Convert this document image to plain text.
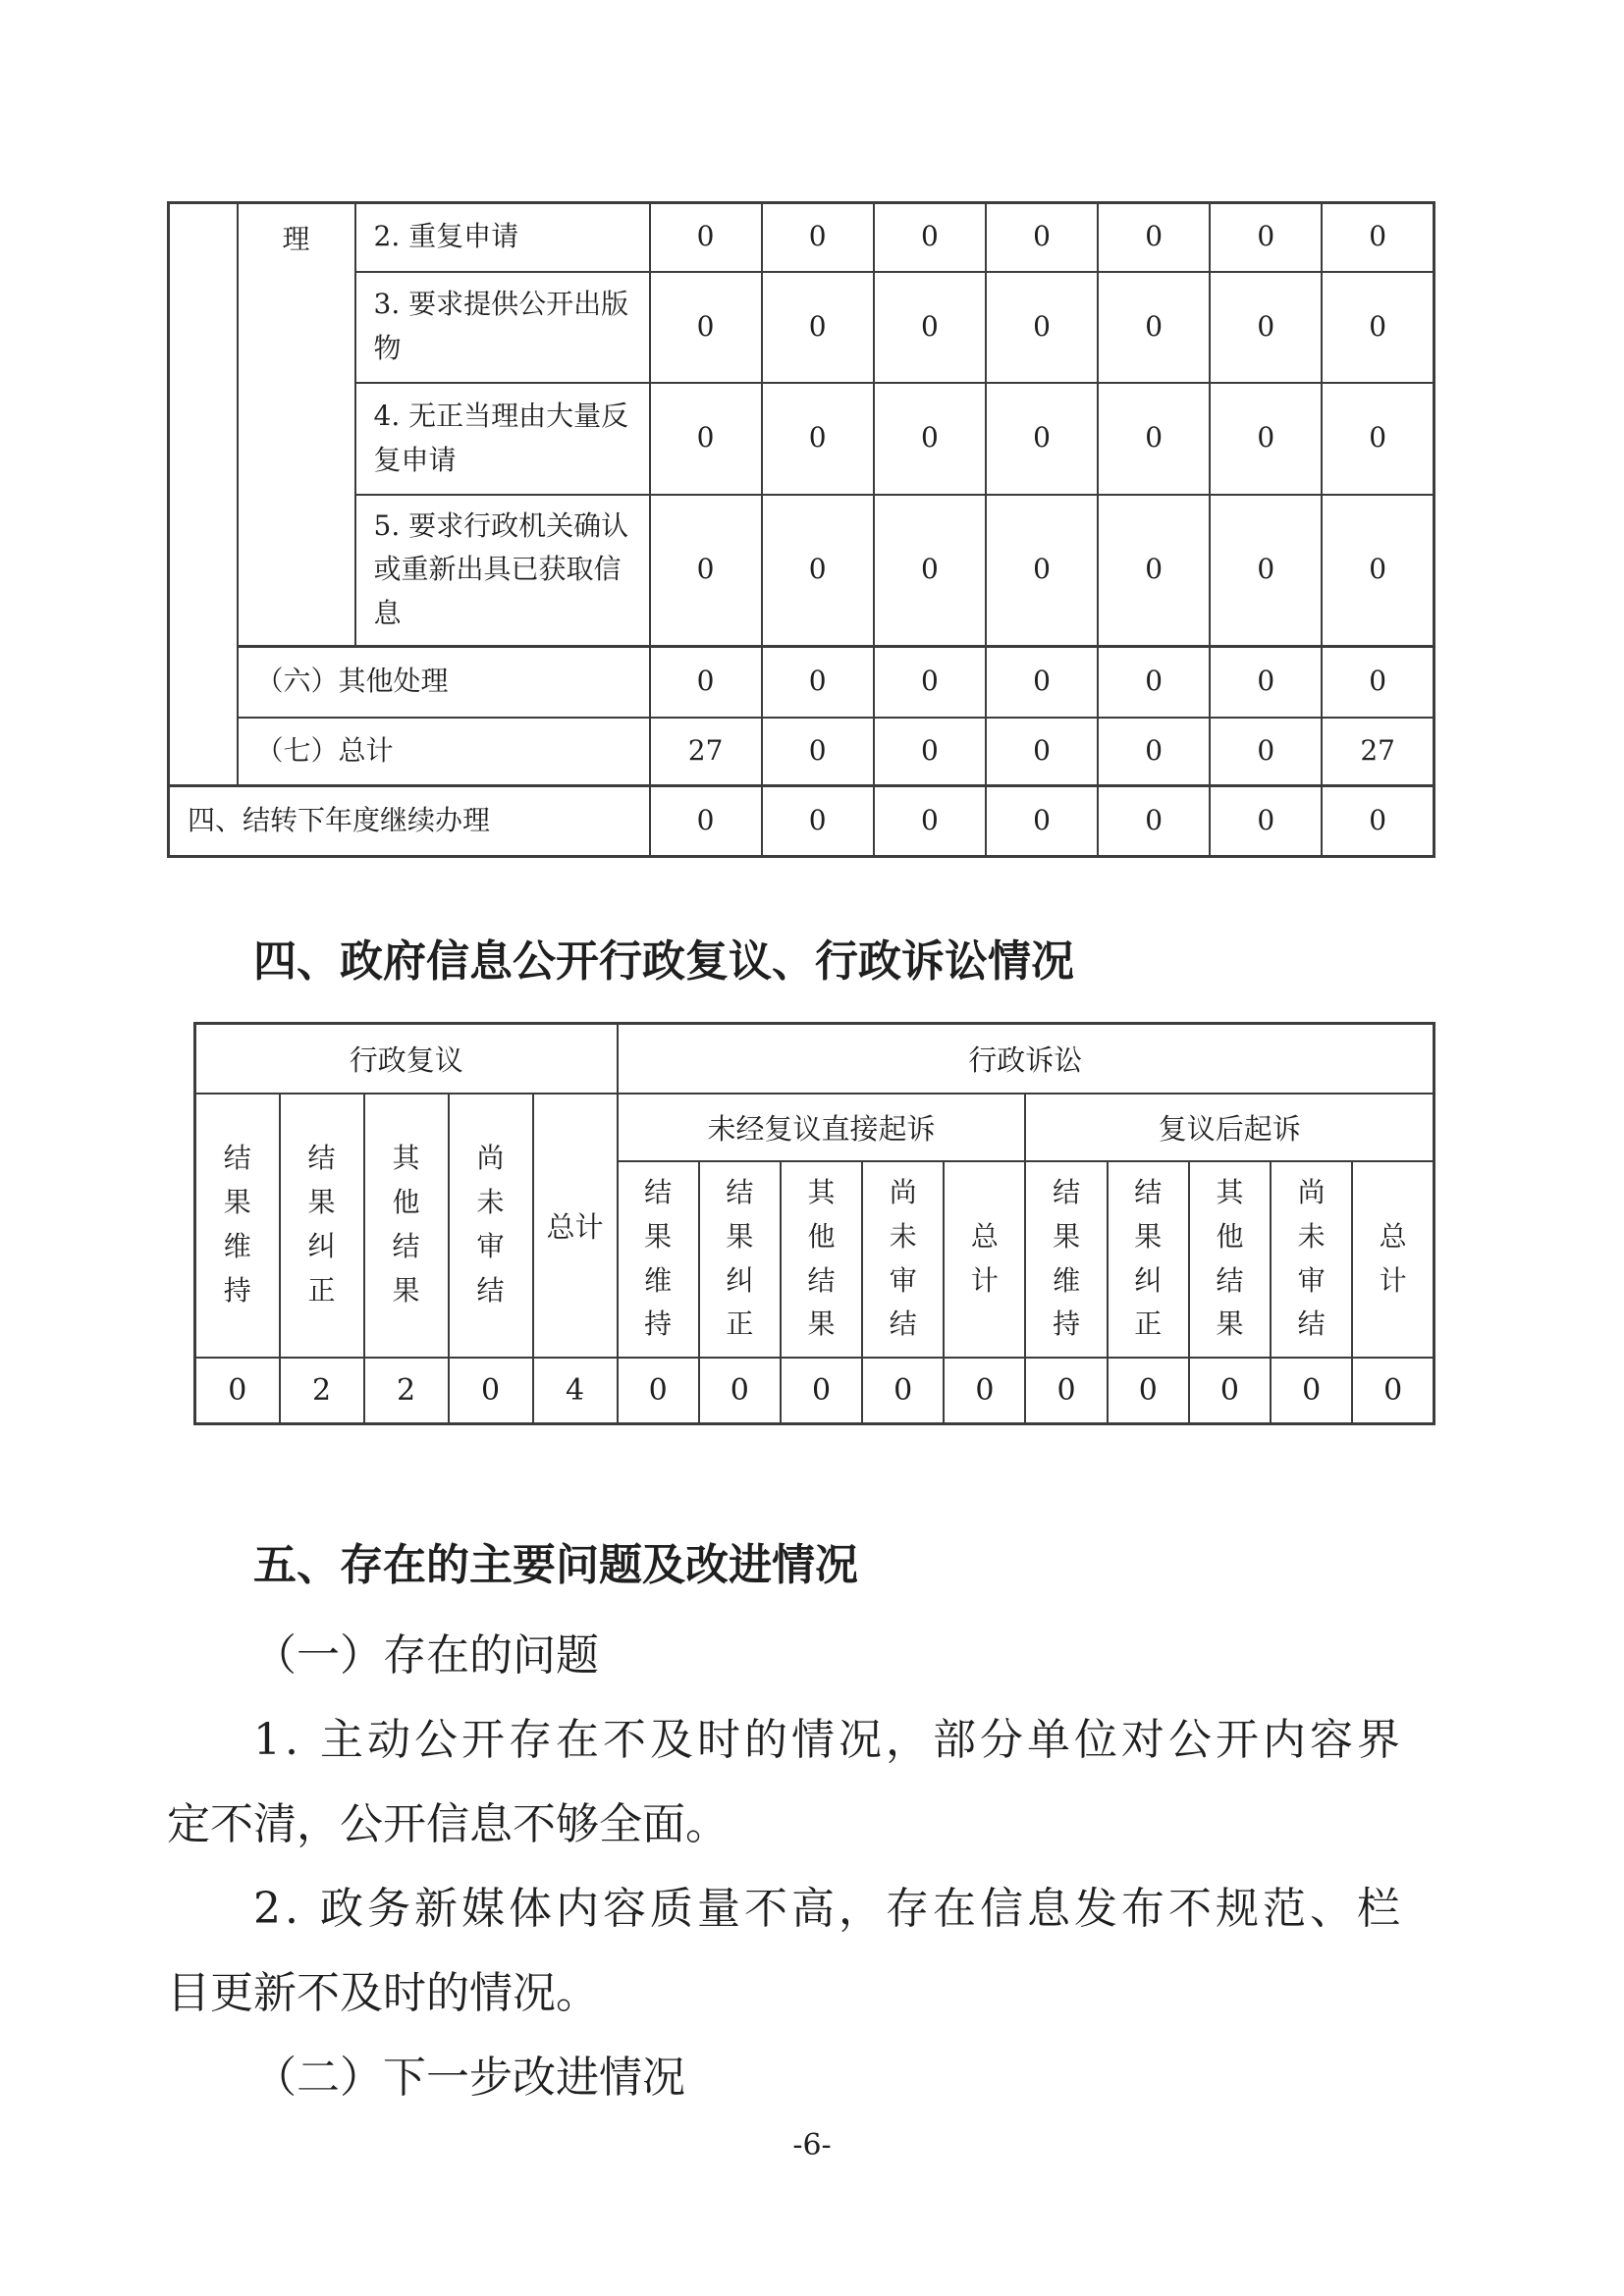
	理	2. 重复申请	0	0	0	0	0	0	0
		3. 要求提供公开出版物	0	0	0	0	0	0	0
		4. 无正当理由大量反复申请	0	0	0	0	0	0	0
		5. 要求行政机关确认或重新出具已获取信息	0	0	0	0	0	0	0
	（六）其他处理		0	0	0	0	0	0	0
	（七）总计		27	0	0	0	0	0	27
四、结转下年度继续办理			0	0	0	0	0	0	0
四、政府信息公开行政复议、行政诉讼情况
行政复议					行政诉讼									
结果维持	结果纠正	其他结果	尚未审结	总计	未经复议直接起诉					复议后起诉				
					结果维持	结果纠正	其他结果	尚未审结	总计	结果维持	结果纠正	其他结果	尚未审结	总计
0	2	2	0	4	0	0	0	0	0	0	0	0	0	0
五、存在的主要问题及改进情况
（一）存在的问题
1. 主动公开存在不及时的情况，部分单位对公开内容界
定不清，公开信息不够全面。
2. 政务新媒体内容质量不高，存在信息发布不规范、栏
目更新不及时的情况。
（二）下一步改进情况
-6-
